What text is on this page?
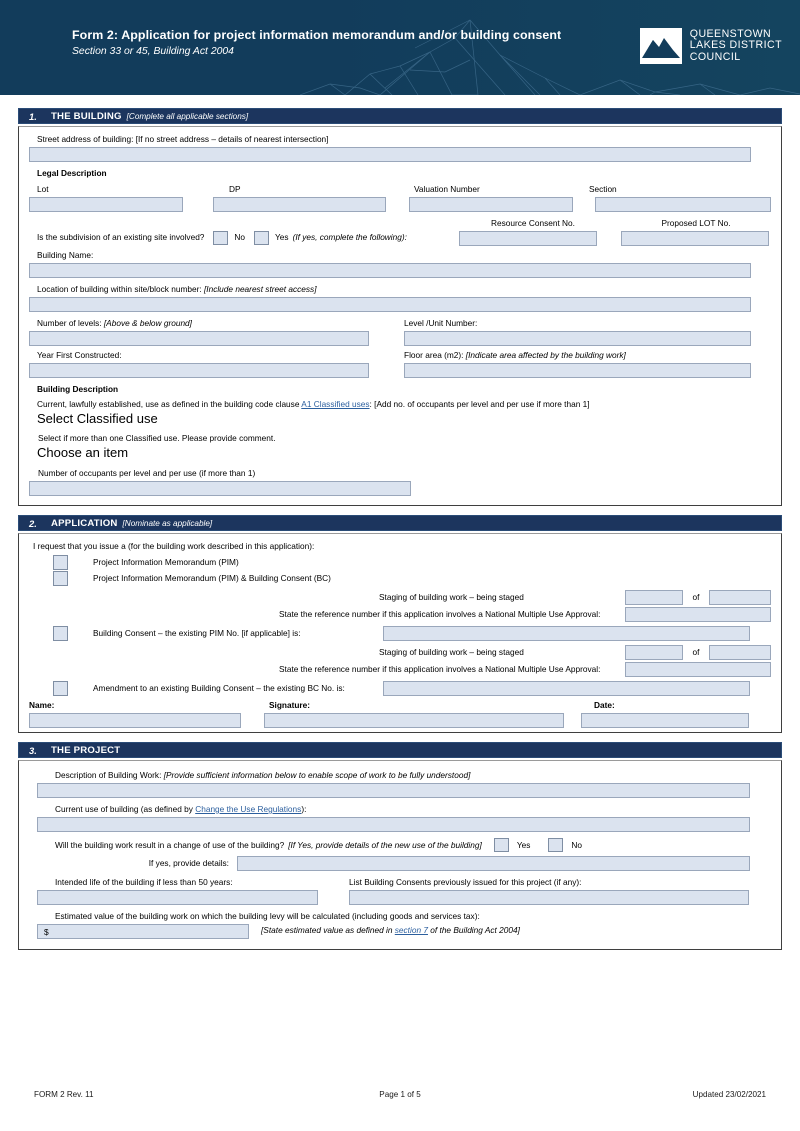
Form 2: Application for project information memorandum and/or building consent
Section 33 or 45, Building Act 2004
QUEENSTOWN
LAKES DISTRICT
COUNCIL
1.	THE BUILDING [Complete all applicable sections]
Street address of building: [If no street address – details of nearest intersection]
Legal Description
Lot	DP	Valuation Number	Section
Is the subdivision of an existing site involved?	No	Yes (If yes, complete the following):
Resource Consent No.	Proposed LOT No.
Building Name:
Location of building within site/block number: [Include nearest street access]
Number of levels: [Above & below ground]	Level /Unit Number:
Year First Constructed:	Floor area (m2): [Indicate area affected by the building work]
Building Description
Current, lawfully established, use as defined in the building code clause A1 Classified uses: [Add no. of occupants per level and per use if more than 1]
Select Classified use
Select if more than one Classified use. Please provide comment.
Choose an item
Number of occupants per level and per use (if more than 1)
2.	APPLICATION [Nominate as applicable]
I request that you issue a (for the building work described in this application):
Project Information Memorandum (PIM)
Project Information Memorandum (PIM) & Building Consent (BC)
Staging of building work – being staged	of
State the reference number if this application involves a National Multiple Use Approval:
Building Consent – the existing PIM No. [if applicable] is:
Staging of building work – being staged	of
State the reference number if this application involves a National Multiple Use Approval:
Amendment to an existing Building Consent – the existing BC No. is:
Name:	Signature:	Date:
3.	THE PROJECT
Description of Building Work: [Provide sufficient information below to enable scope of work to be fully understood]
Current use of building (as defined by Change the Use Regulations):
Will the building work result in a change of use of the building? [If Yes, provide details of the new use of the building]	Yes	No
If yes, provide details:
Intended life of the building if less than 50 years:	List Building Consents previously issued for this project (if any):
Estimated value of the building work on which the building levy will be calculated (including goods and services tax):
$	[State estimated value as defined in section 7 of the Building Act 2004]
FORM 2 Rev. 11	Page 1 of 5	Updated 23/02/2021
